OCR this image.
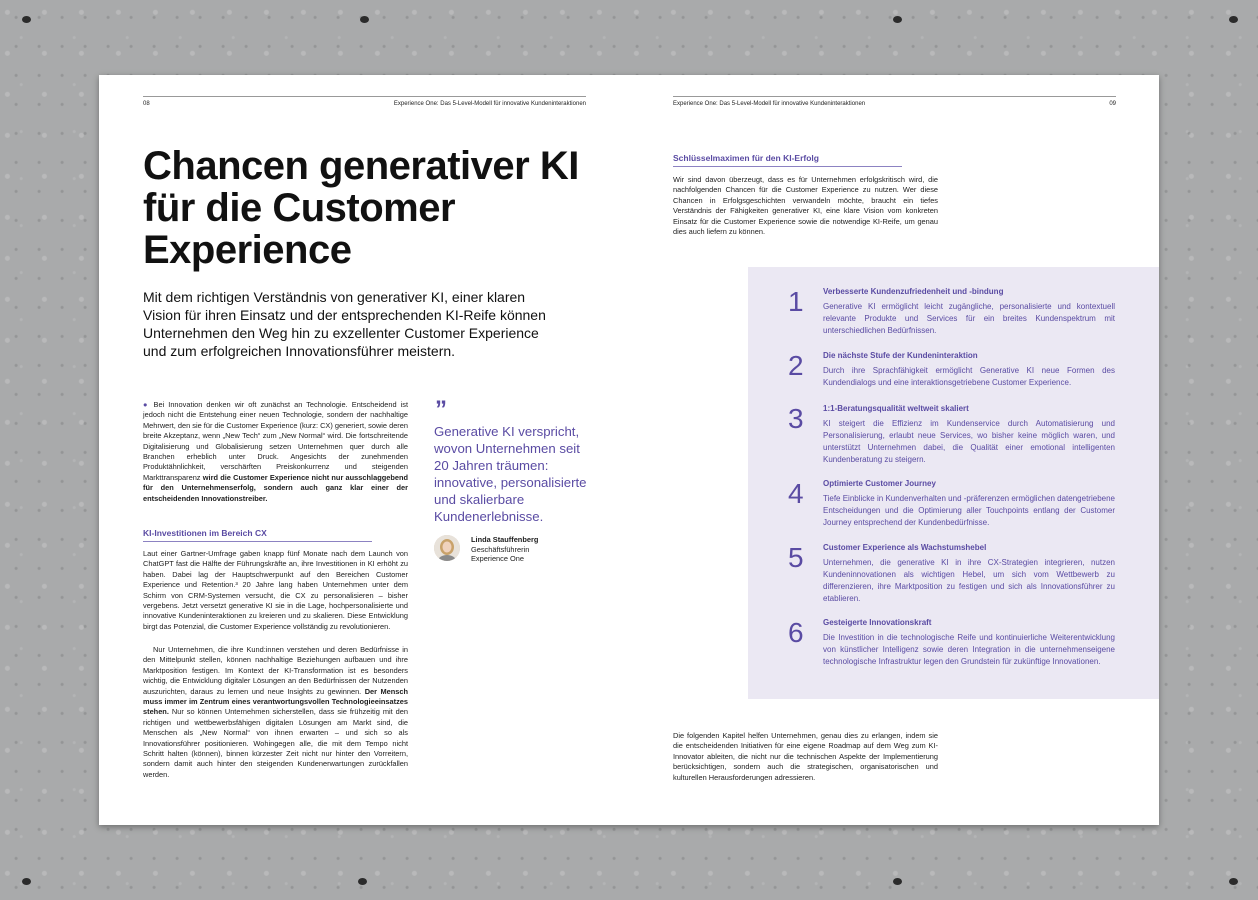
08	Experience One: Das 5-Level-Modell für innovative Kundeninteraktionen
Chancen generativer KI für die Customer Experience

Mit dem richtigen Verständnis von generativer KI, einer klaren Vision für ihren Einsatz und der entsprechenden KI-Reife können Unternehmen den Weg hin zu exzellenter Customer Experience und zum erfolgreichen Innovationsführer meistern.

● Bei Innovation denken wir oft zunächst an Technologie. Entscheidend ist jedoch nicht die Entstehung einer neuen Technologie, sondern der nachhaltige Mehrwert, den sie für die Customer Experience (kurz: CX) generiert, sowie deren breite Akzeptanz, wenn „New Tech“ zum „New Normal“ wird. Die fortschreitende Digitalisierung und Globalisierung setzen Unternehmen quer durch alle Branchen erheblich unter Druck. Angesichts der zunehmenden Produktähnlichkeit, verschärften Preiskonkurrenz und steigenden Markttransparenz wird die Customer Experience nicht nur ausschlaggebend für den Unternehmenserfolg, sondern auch ganz klar einer der entscheidenden Innovationstreiber.
KI-Investitionen im Bereich CX
Laut einer Gartner-Umfrage gaben knapp fünf Monate nach dem Launch von ChatGPT fast die Hälfte der Führungskräfte an, ihre Investitionen in KI erhöht zu haben. Dabei lag der Hauptschwerpunkt auf den Bereichen Customer Experience und Retention.³ 20 Jahre lang haben Unternehmen unter dem Schirm von CRM-Systemen versucht, die CX zu personalisieren – bisher vergebens. Jetzt versetzt generative KI sie in die Lage, hochpersonalisierte und innovative Kundeninteraktionen zu kreieren und zu skalieren. Diese Entwicklung birgt das Potenzial, die Customer Experience vollständig zu revolutionieren.
Nur Unternehmen, die ihre Kund:innen verstehen und deren Bedürfnisse in den Mittelpunkt stellen, können nachhaltige Beziehungen aufbauen und ihre Marktposition festigen. Im Kontext der KI-Transformation ist es besonders wichtig, die Entwicklung digitaler Lösungen an den Bedürfnissen der Nutzenden auszurichten, daraus zu lernen und neue Insights zu gewinnen. Der Mensch muss immer im Zentrum eines verantwortungsvollen Technologieeinsatzes stehen. Nur so können Unternehmen sicherstellen, dass sie frühzeitig mit den richtigen und wettbewerbsfähigen digitalen Lösungen am Markt sind, die Menschen als „New Normal“ von ihnen erwarten – und sich so als Innovationsführer positionieren. Wohingegen alle, die mit dem Tempo nicht Schritt halten (können), binnen kürzester Zeit nicht nur hinter den Vorreitern, sondern damit auch hinter den steigenden Kundenerwartungen zurückfallen werden.
”
Generative KI verspricht, wovon Unternehmen seit 20 Jahren träumen: innovative, personalisierte und skalierbare Kundenerlebnisse.
Linda Stauffenberg
Geschäftsführerin
Experience One
Experience One: Das 5-Level-Modell für innovative Kundeninteraktionen	09
Schlüsselmaximen für den KI-Erfolg
Wir sind davon überzeugt, dass es für Unternehmen erfolgskritisch wird, die nachfolgenden Chancen für die Customer Experience zu nutzen. Wer diese Chancen in Erfolgsgeschichten verwandeln möchte, braucht ein tiefes Verständnis der Fähigkeiten generativer KI, eine klare Vision vom konkreten Einsatz für die Customer Experience sowie die notwendige KI-Reife, um genau dies auch liefern zu können.
1 Verbesserte Kundenzufriedenheit und -bindung
Generative KI ermöglicht leicht zugängliche, personalisierte und kontextuell relevante Produkte und Services für ein breites Kundenspektrum mit unterschiedlichen Bedürfnissen.
2 Die nächste Stufe der Kundeninteraktion
Durch ihre Sprachfähigkeit ermöglicht Generative KI neue Formen des Kundendialogs und eine interaktionsgetriebene Customer Experience.
3 1:1-Beratungsqualität weltweit skaliert
KI steigert die Effizienz im Kundenservice durch Automatisierung und Personalisierung, erlaubt neue Services, wo bisher keine möglich waren, und unterstützt Unternehmen dabei, die Qualität einer emotional intelligenten Kundenberatung zu steigern.
4 Optimierte Customer Journey
Tiefe Einblicke in Kundenverhalten und -präferenzen ermöglichen datengetriebene Entscheidungen und die Optimierung aller Touchpoints entlang der Customer Journey entsprechend der Kundenbedürfnisse.
5 Customer Experience als Wachstumshebel
Unternehmen, die generative KI in ihre CX-Strategien integrieren, nutzen Kundeninnovationen als wichtigen Hebel, um sich vom Wettbewerb zu differenzieren, ihre Marktposition zu festigen und sich als Innovationsführer zu etablieren.
6 Gesteigerte Innovationskraft
Die Investition in die technologische Reife und kontinuierliche Weiterentwicklung von künstlicher Intelligenz sowie deren Integration in die unternehmenseigene technologische Infrastruktur legen den Grundstein für zukünftige Innovationen.
Die folgenden Kapitel helfen Unternehmen, genau dies zu erlangen, indem sie die entscheidenden Initiativen für eine eigene Roadmap auf dem Weg zum KI-Innovator ableiten, die nicht nur die technischen Aspekte der Implementierung berücksichtigen, sondern auch die strategischen, organisatorischen und kulturellen Herausforderungen adressieren.
